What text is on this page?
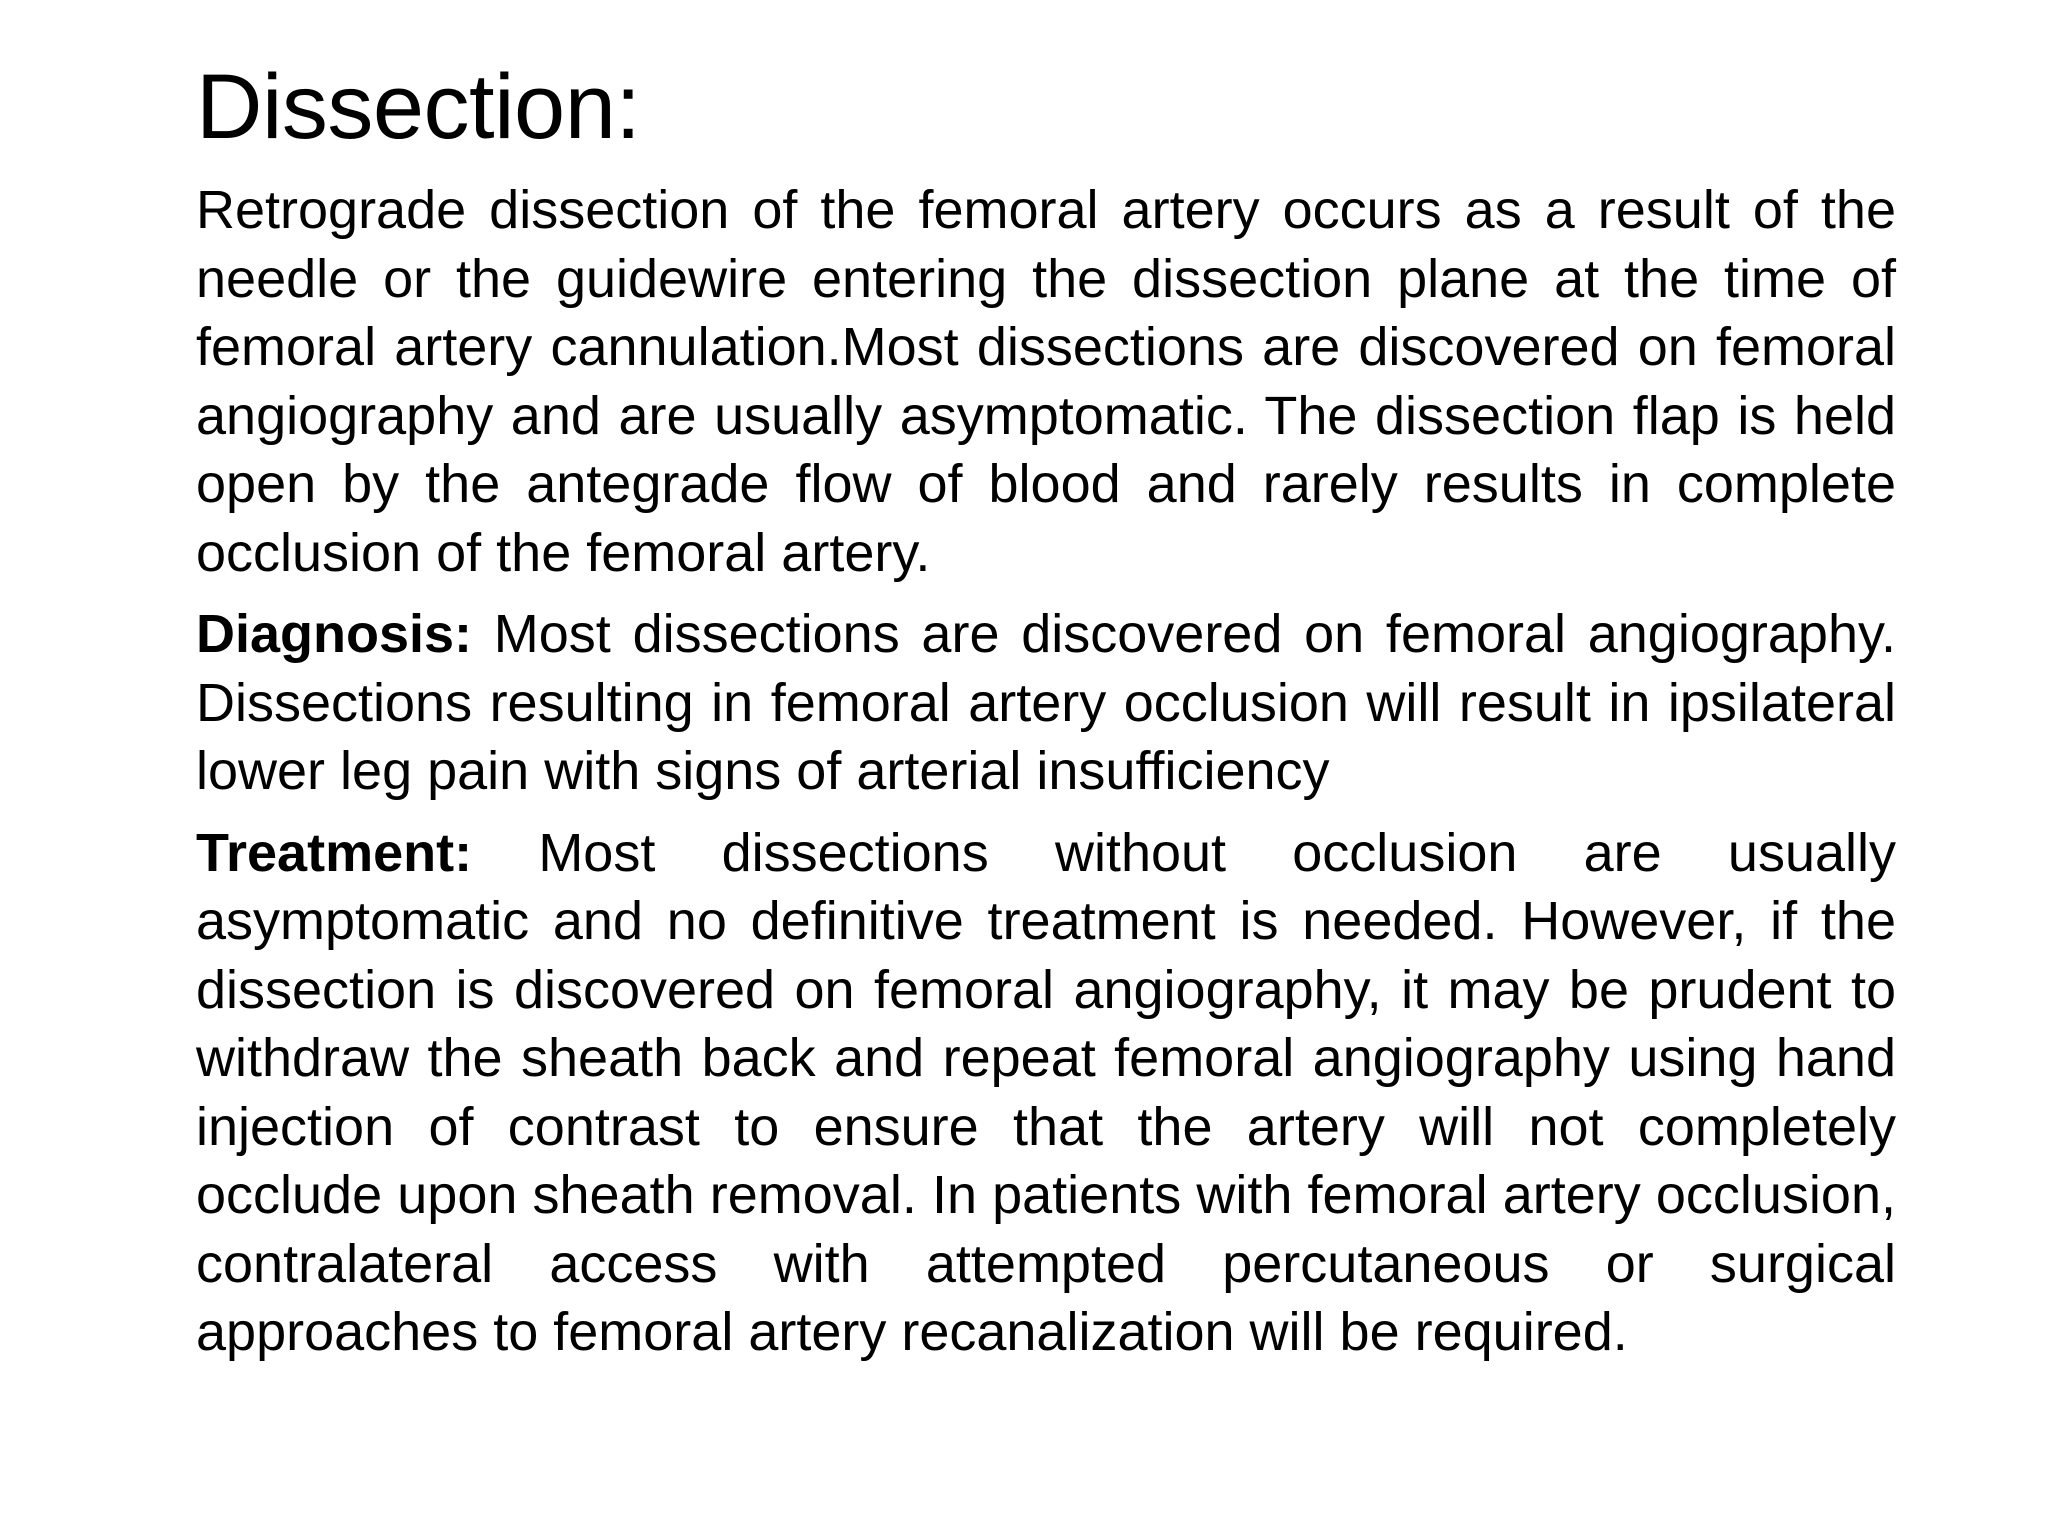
Dissection:

Retrograde dissection of the femoral artery occurs as a result of the needle or the guidewire entering the dissection plane at the time of femoral artery cannulation.Most dissections are discovered on femoral angiography and are usually asymptomatic. The dissection flap is held open by the antegrade flow of blood and rarely results in complete occlusion of the femoral artery.

Diagnosis: Most dissections are discovered on femoral angiography. Dissections resulting in femoral artery occlusion will result in ipsilateral lower leg pain with signs of arterial insufficiency

Treatment: Most dissections without occlusion are usually asymptomatic and no definitive treatment is needed. However, if the dissection is discovered on femoral angiography, it may be prudent to withdraw the sheath back and repeat femoral angiography using hand injection of contrast to ensure that the artery will not completely occlude upon sheath removal. In patients with femoral artery occlusion, contralateral access with attempted percutaneous or surgical approaches to femoral artery recanalization will be required.
